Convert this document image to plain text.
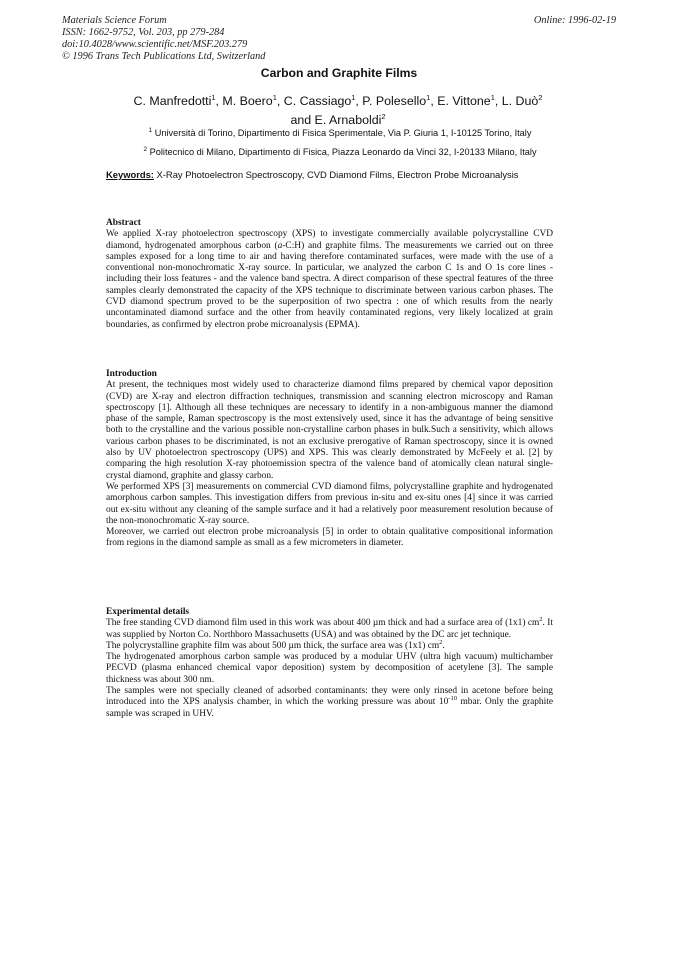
Materials Science Forum
ISSN: 1662-9752, Vol. 203, pp 279-284
doi:10.4028/www.scientific.net/MSF.203.279
© 1996 Trans Tech Publications Ltd, Switzerland
Online: 1996-02-19
Carbon and Graphite Films
C. Manfredotti$^1$, M. Boero$^1$, C. Cassiago$^1$, P. Polesello$^1$, E. Vittone$^1$, L. Duò$^2$
and E. Arnaboldi$^2$
$^1$ Università di Torino, Dipartimento di Fisica Sperimentale, Via P. Giuria 1, I-10125 Torino, Italy
$^2$ Politecnico di Milano, Dipartimento di Fisica, Piazza Leonardo da Vinci 32, I-20133 Milano, Italy
Keywords: X-Ray Photoelectron Spectroscopy, CVD Diamond Films, Electron Probe Microanalysis
Abstract

We applied X-ray photoelectron spectroscopy (XPS) to investigate commercially available polycrystalline CVD diamond, hydrogenated amorphous carbon (a-C:H) and graphite films. The measurements we carried out on three samples exposed for a long time to air and having therefore contaminated surfaces, were made with the use of a conventional non-monochromatic X-ray source. In particular, we analyzed the carbon C 1s and O 1s core lines - including their loss features - and the valence band spectra. A direct comparison of these spectral features of the three samples clearly demonstrated the capacity of the XPS technique to discriminate between various carbon phases. The CVD diamond spectrum proved to be the superposition of two spectra : one of which results from the nearly uncontaminated diamond surface and the other from heavily contaminated regions, very likely localized at grain boundaries, as confirmed by electron probe microanalysis (EPMA).

Introduction

At present, the techniques most widely used to characterize diamond films prepared by chemical vapor deposition (CVD) are X-ray and electron diffraction techniques, transmission and scanning electron microscopy and Raman spectroscopy [1]. Although all these techniques are necessary to identify in a non-ambiguous manner the diamond phase of the sample, Raman spectroscopy is the most extensively used, since it has the advantage of being sensitive both to the crystalline and the various possible non-crystalline carbon phases in bulk.Such a sensitivity, which allows various carbon phases to be discriminated, is not an exclusive prerogative of Raman spectroscopy, since it is owned also by UV photoelectron spectroscopy (UPS) and XPS. This was clearly demonstrated by McFeely et al. [2] by comparing the high resolution X-ray photoemission spectra of the valence band of atomically clean natural single-crystal diamond, graphite and glassy carbon.

We performed XPS [3] measurements on commercial CVD diamond films, polycrystalline graphite and hydrogenated amorphous carbon samples. This investigation differs from previous in-situ and ex-situ ones [4] since it was carried out ex-situ without any cleaning of the sample surface and it had a relatively poor measurement resolution because of the non-monochromatic X-ray source.

Moreover, we carried out electron probe microanalysis [5] in order to obtain qualitative compositional information from regions in the diamond sample as small as a few micrometers in diameter.

Experimental details

The free standing CVD diamond film used in this work was about 400 µm thick and had a surface area of (1x1) $cm^2$. It was supplied by Norton Co. Northboro Massachusetts (USA) and was obtained by the DC arc jet technique.

The polycrystalline graphite film was about 500 µm thick, the surface area was (1x1) $cm^2$.

The hydrogenated amorphous carbon sample was produced by a modular UHV (ultra high vacuum) multichamber PECVD (plasma enhanced chemical vapor deposition) system by decomposition of acetylene [3]. The sample thickness was about 300 nm.

The samples were not specially cleaned of adsorbed contaminants: they were only rinsed in acetone before being introduced into the XPS analysis chamber, in which the working pressure was about $10^{-10}$ mbar. Only the graphite sample was scraped in UHV.
